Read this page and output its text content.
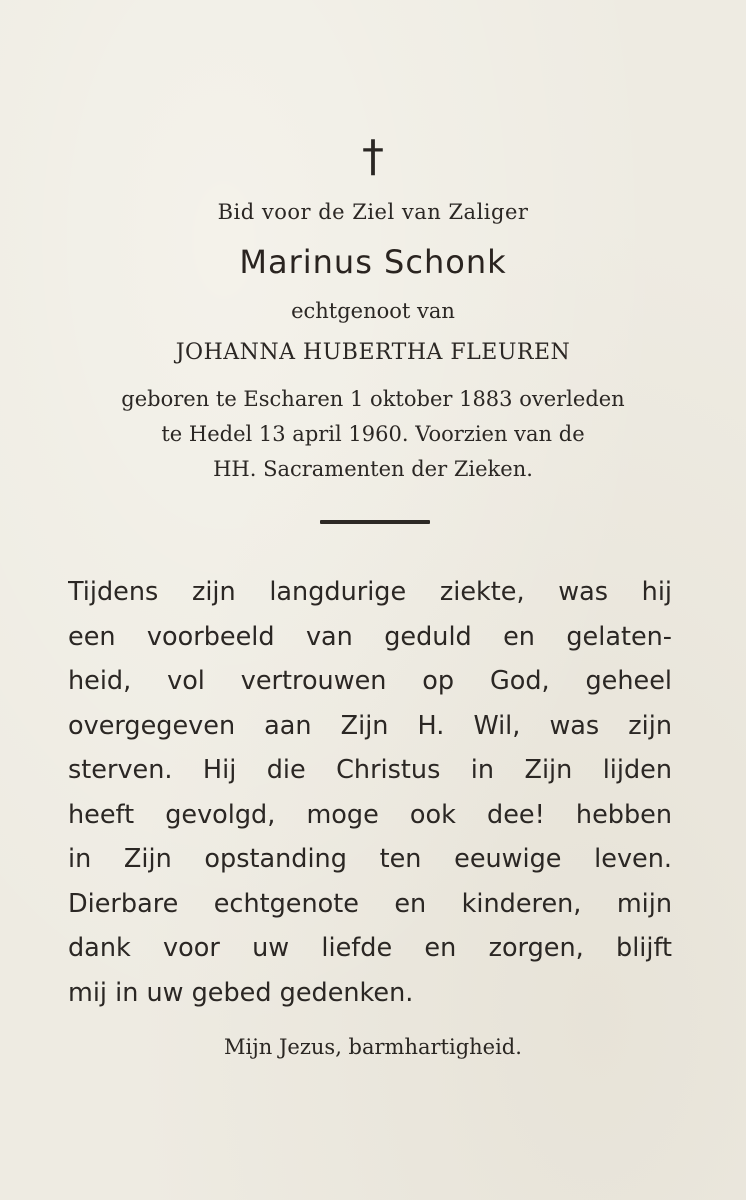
†
Bid voor de Ziel van Zaliger
Marinus Schonk
echtgenoot van
JOHANNA HUBERTHA FLEUREN
geboren te Escharen 1 oktober 1883 overleden
te Hedel 13 april 1960. Voorzien van de
HH. Sacramenten der Zieken.
Tijdens zijn langdurige ziekte, was hij
een voorbeeld van geduld en gelaten-
heid, vol vertrouwen op God, geheel
overgegeven aan Zijn H. Wil, was zijn
sterven. Hij die Christus in Zijn lijden
heeft gevolgd, moge ook dee! hebben
in Zijn opstanding ten eeuwige leven.
Dierbare echtgenote en kinderen, mijn
dank voor uw liefde en zorgen, blijft
mij in uw gebed gedenken.
Mijn Jezus, barmhartigheid.
